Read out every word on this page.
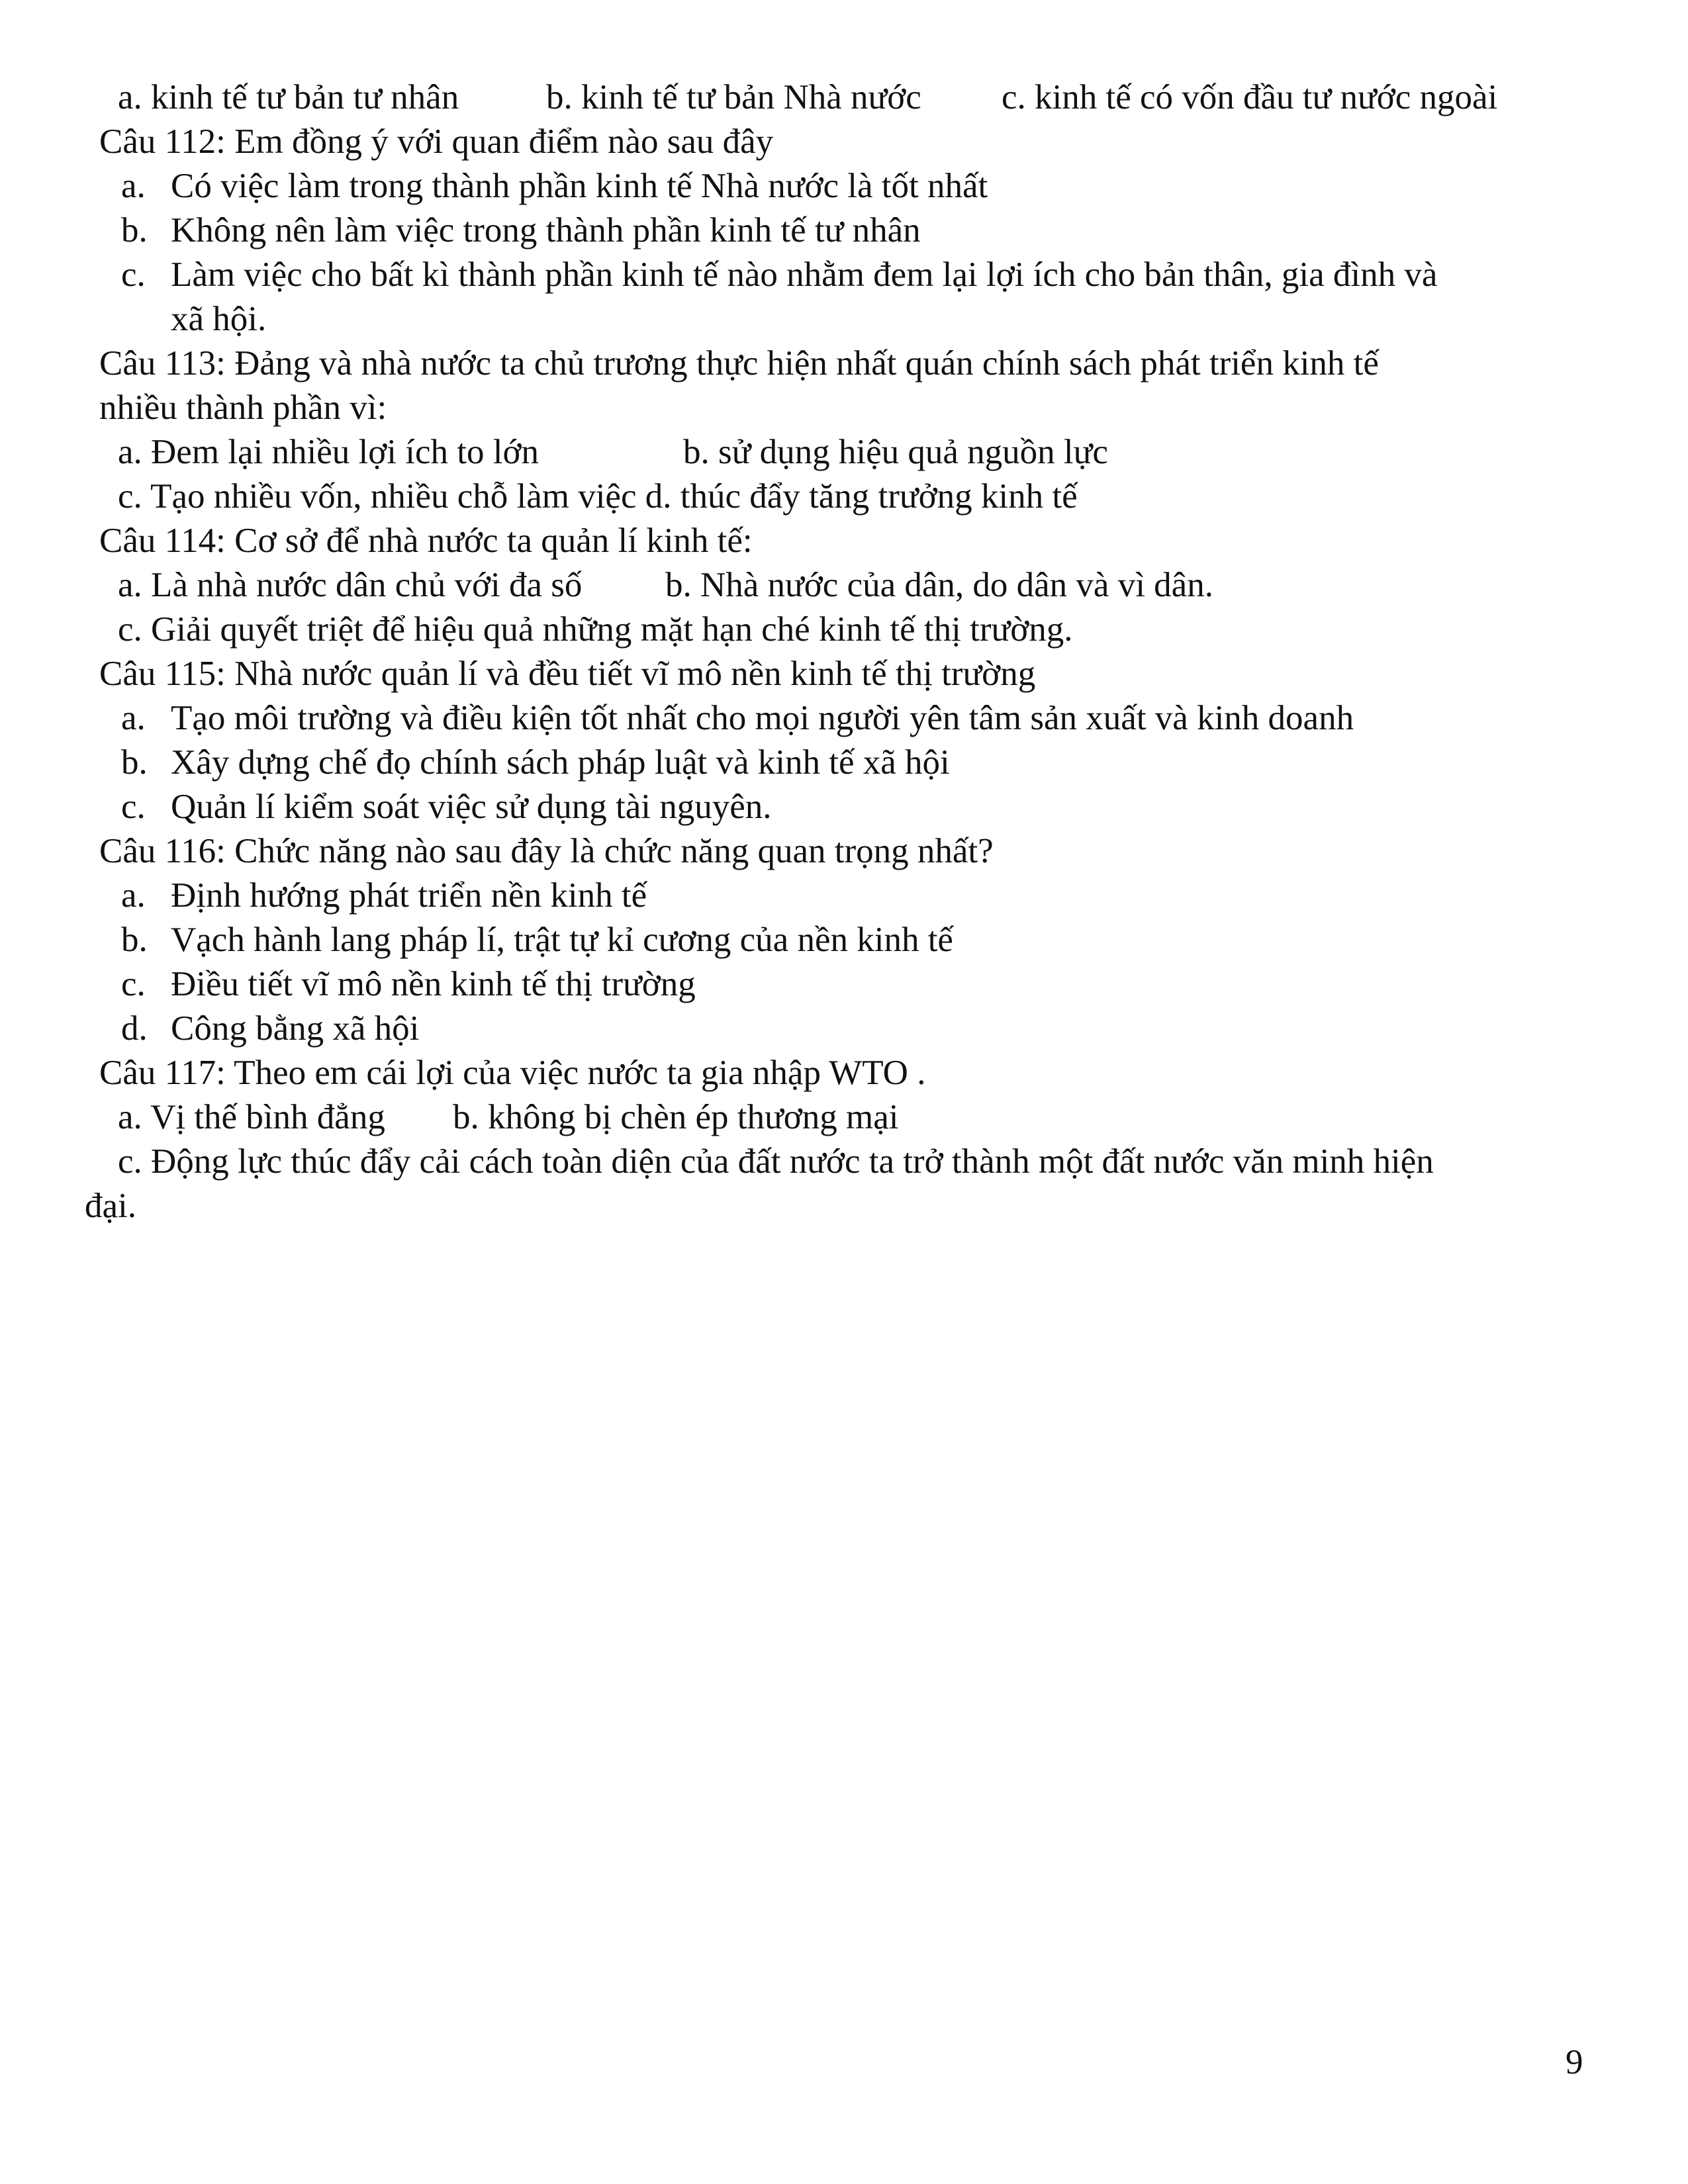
a. kinh tế tư bản tư nhân b. kinh tế tư bản Nhà nước c. kinh tế có vốn đầu tư nước ngoài
Câu 112: Em đồng ý với quan điểm nào sau đây
a. Có việc làm trong thành phần kinh tế Nhà nước là tốt nhất
b. Không nên làm việc trong thành phần kinh tế tư nhân
c. Làm việc cho bất kì thành phần kinh tế nào nhằm đem lại lợi ích cho bản thân, gia đình và
xã hội.
Câu 113: Đảng và nhà nước ta chủ trương thực hiện nhất quán chính sách phát triển kinh tế
nhiều thành phần vì:
a. Đem lại nhiều lợi ích to lớn	b. sử dụng hiệu quả nguồn lực
c. Tạo nhiều vốn, nhiều chỗ làm việc d. thúc đẩy tăng trưởng kinh tế
Câu 114: Cơ sở để nhà nước ta quản lí kinh tế:
a. Là nhà nước dân chủ với đa số b. Nhà nước của dân, do dân và vì dân.
c. Giải quyết triệt để hiệu quả những mặt hạn ché kinh tế thị trường.
Câu 115: Nhà nước quản lí và đều tiết vĩ mô nền kinh tế thị trường
a. Tạo môi trường và điều kiện tốt nhất cho mọi người yên tâm sản xuất và kinh doanh
b. Xây dựng chế đọ chính sách pháp luật và kinh tế xã hội
c. Quản lí kiểm soát việc sử dụng tài nguyên.
Câu 116: Chức năng nào sau đây là chức năng quan trọng nhất?
a. Định hướng phát triển nền kinh tế
b. Vạch hành lang pháp lí, trật tự kỉ cương của nền kinh tế
c. Điều tiết vĩ mô nền kinh tế thị trường
d. Công bằng xã hội
Câu 117: Theo em cái lợi của việc nước ta gia nhập WTO .
a. Vị thế bình đẳng b. không bị chèn ép thương mại
c. Động lực thúc đẩy cải cách toàn diện của đất nước ta trở thành một đất nước văn minh hiện
đại.
9
